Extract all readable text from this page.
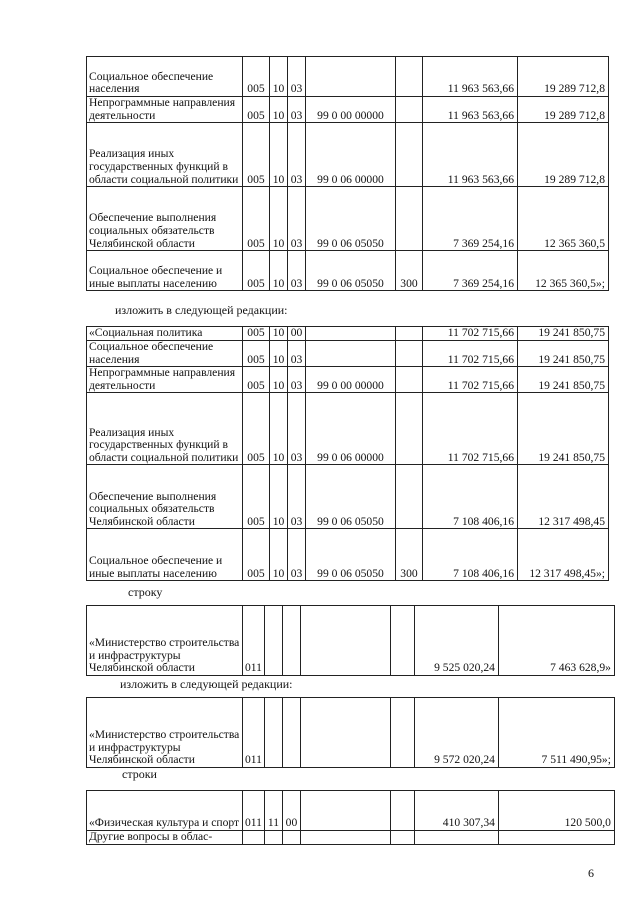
Социальное обеспечение населения	005	10	03			11 963 563,66	19 289 712,8
Непрограммные направления деятельности	005	10	03	99 0 00 00000		11 963 563,66	19 289 712,8
Реализация иных государственных функций в области социальной политики	005	10	03	99 0 06 00000		11 963 563,66	19 289 712,8
Обеспечение выполнения социальных обязательств Челябинской области	005	10	03	99 0 06 05050		7 369 254,16	12 365 360,5
Социальное обеспечение и иные выплаты населению	005	10	03	99 0 06 05050	300	7 369 254,16	12 365 360,5»;
изложить в следующей редакции:
«Социальная политика	005	10	00			11 702 715,66	19 241 850,75
Социальное обеспечение населения	005	10	03			11 702 715,66	19 241 850,75
Непрограммные направления деятельности	005	10	03	99 0 00 00000		11 702 715,66	19 241 850,75
Реализация иных государственных функций в области социальной политики	005	10	03	99 0 06 00000		11 702 715,66	19 241 850,75
Обеспечение выполнения социальных обязательств Челябинской области	005	10	03	99 0 06 05050		7 108 406,16	12 317 498,45
Социальное обеспечение и иные выплаты населению	005	10	03	99 0 06 05050	300	7 108 406,16	12 317 498,45»;
строку
«Министерство строительства и инфраструктуры Челябинской области	011					9 525 020,24	7 463 628,9»
изложить в следующей редакции:
«Министерство строительства и инфраструктуры Челябинской области	011					9 572 020,24	7 511 490,95»;
строки
«Физическая культура и спорт	011	11	00			410 307,34	120 500,0
Другие вопросы в облас-							
6
